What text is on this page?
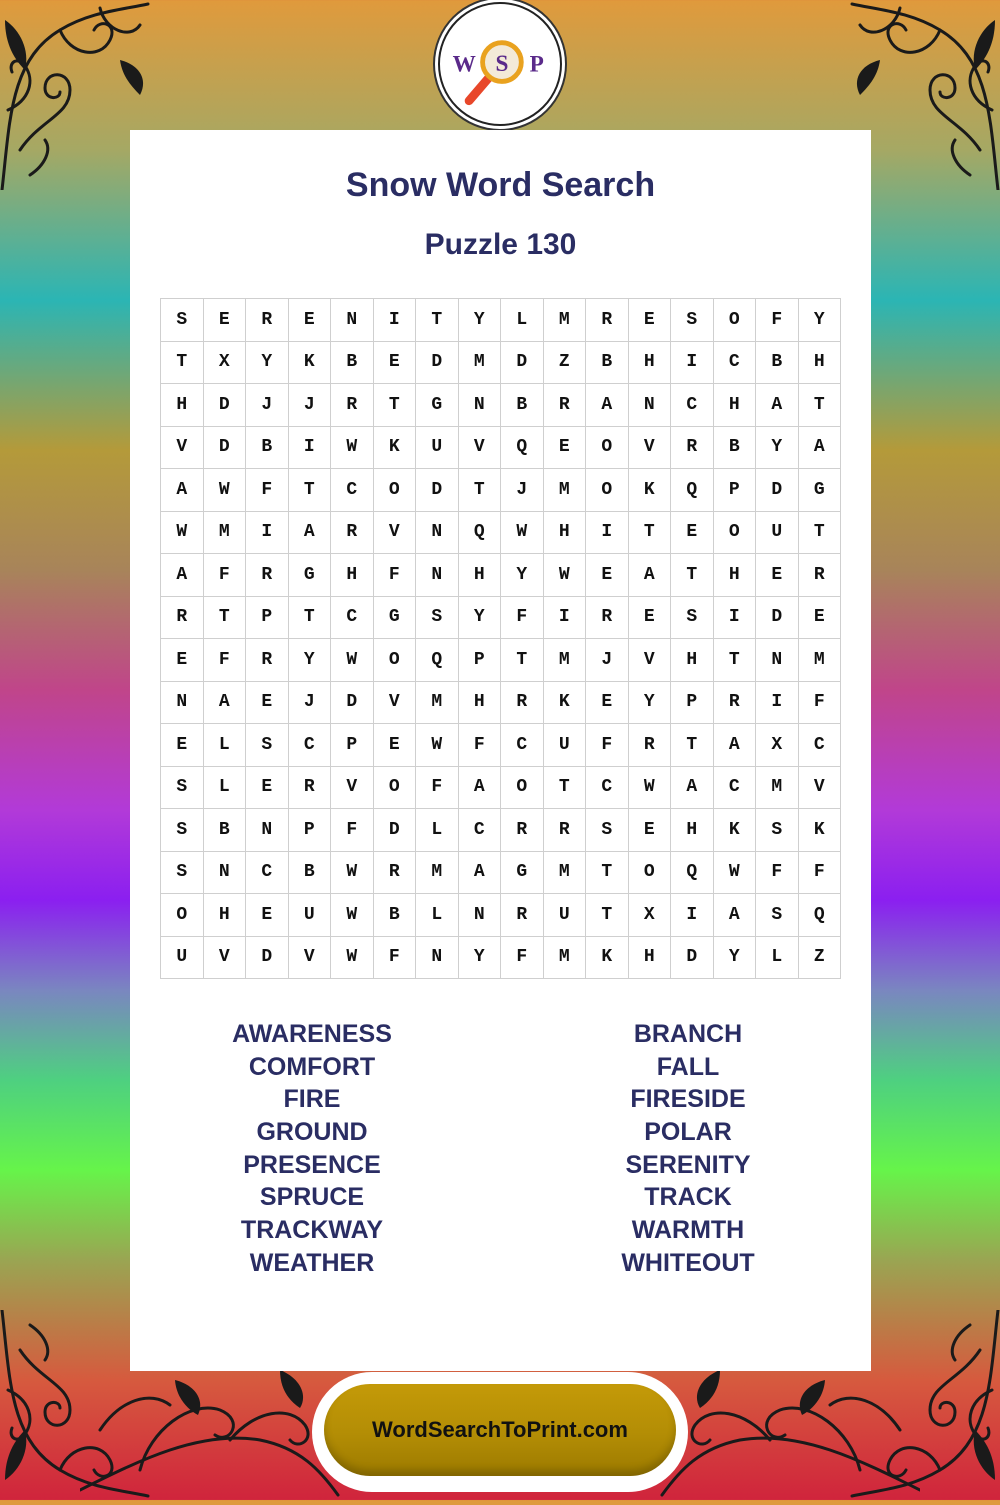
W S P
Snow Word Search
Puzzle 130
S	E	R	E	N	I	T	Y	L	M	R	E	S	O	F	Y
T	X	Y	K	B	E	D	M	D	Z	B	H	I	C	B	H
H	D	J	J	R	T	G	N	B	R	A	N	C	H	A	T
V	D	B	I	W	K	U	V	Q	E	O	V	R	B	Y	A
A	W	F	T	C	O	D	T	J	M	O	K	Q	P	D	G
W	M	I	A	R	V	N	Q	W	H	I	T	E	O	U	T
A	F	R	G	H	F	N	H	Y	W	E	A	T	H	E	R
R	T	P	T	C	G	S	Y	F	I	R	E	S	I	D	E
E	F	R	Y	W	O	Q	P	T	M	J	V	H	T	N	M
N	A	E	J	D	V	M	H	R	K	E	Y	P	R	I	F
E	L	S	C	P	E	W	F	C	U	F	R	T	A	X	C
S	L	E	R	V	O	F	A	O	T	C	W	A	C	M	V
S	B	N	P	F	D	L	C	R	R	S	E	H	K	S	K
S	N	C	B	W	R	M	A	G	M	T	O	Q	W	F	F
O	H	E	U	W	B	L	N	R	U	T	X	I	A	S	Q
U	V	D	V	W	F	N	Y	F	M	K	H	D	Y	L	Z
AWARENESS
COMFORT
FIRE
GROUND
PRESENCE
SPRUCE
TRACKWAY
WEATHER
BRANCH
FALL
FIRESIDE
POLAR
SERENITY
TRACK
WARMTH
WHITEOUT
WordSearchToPrint.com
